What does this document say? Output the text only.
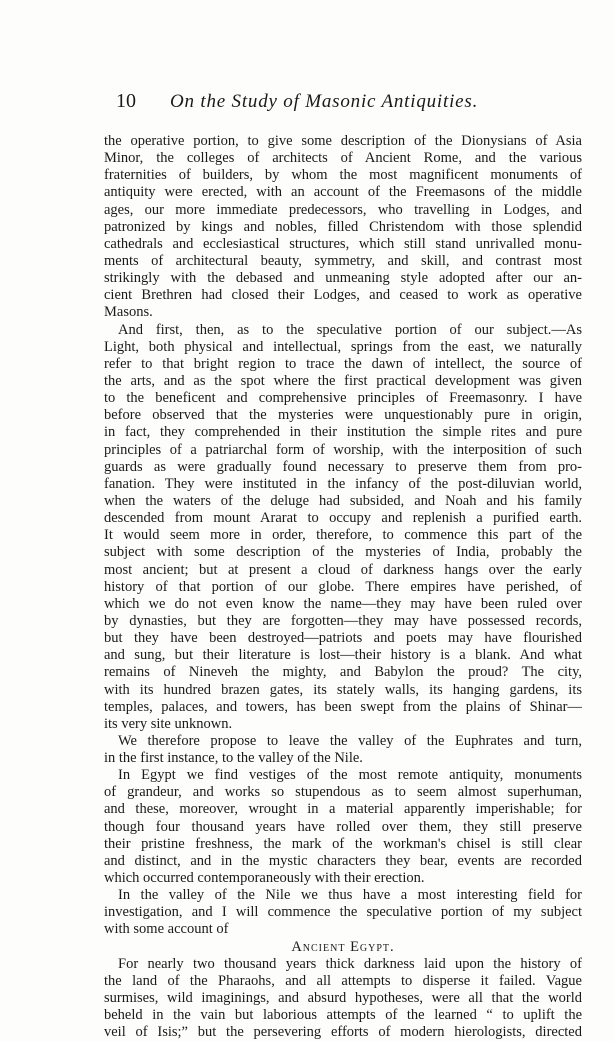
10 On the Study of Masonic Antiquities.
the operative portion, to give some description of the Dionysians of Asia
Minor, the colleges of architects of Ancient Rome, and the various
fraternities of builders, by whom the most magnificent monuments of
antiquity were erected, with an account of the Freemasons of the middle
ages, our more immediate predecessors, who travelling in Lodges, and
patronized by kings and nobles, filled Christendom with those splendid
cathedrals and ecclesiastical structures, which still stand unrivalled monu-
ments of architectural beauty, symmetry, and skill, and contrast most
strikingly with the debased and unmeaning style adopted after our an-
cient Brethren had closed their Lodges, and ceased to work as operative
Masons.
And first, then, as to the speculative portion of our subject.—As
Light, both physical and intellectual, springs from the east, we naturally
refer to that bright region to trace the dawn of intellect, the source of
the arts, and as the spot where the first practical development was given
to the beneficent and comprehensive principles of Freemasonry. I have
before observed that the mysteries were unquestionably pure in origin,
in fact, they comprehended in their institution the simple rites and pure
principles of a patriarchal form of worship, with the interposition of such
guards as were gradually found necessary to preserve them from pro-
fanation. They were instituted in the infancy of the post-diluvian world,
when the waters of the deluge had subsided, and Noah and his family
descended from mount Ararat to occupy and replenish a purified earth.
It would seem more in order, therefore, to commence this part of the
subject with some description of the mysteries of India, probably the
most ancient; but at present a cloud of darkness hangs over the early
history of that portion of our globe. There empires have perished, of
which we do not even know the name—they may have been ruled over
by dynasties, but they are forgotten—they may have possessed records,
but they have been destroyed—patriots and poets may have flourished
and sung, but their literature is lost—their history is a blank. And what
remains of Nineveh the mighty, and Babylon the proud? The city,
with its hundred brazen gates, its stately walls, its hanging gardens, its
temples, palaces, and towers, has been swept from the plains of Shinar—
its very site unknown.
We therefore propose to leave the valley of the Euphrates and turn,
in the first instance, to the valley of the Nile.
In Egypt we find vestiges of the most remote antiquity, monuments
of grandeur, and works so stupendous as to seem almost superhuman,
and these, moreover, wrought in a material apparently imperishable; for
though four thousand years have rolled over them, they still preserve
their pristine freshness, the mark of the workman's chisel is still clear
and distinct, and in the mystic characters they bear, events are recorded
which occurred contemporaneously with their erection.
In the valley of the Nile we thus have a most interesting field for
investigation, and I will commence the speculative portion of my subject
with some account of
Ancient Egypt.
For nearly two thousand years thick darkness laid upon the history of
the land of the Pharaohs, and all attempts to disperse it failed. Vague
surmises, wild imaginings, and absurd hypotheses, were all that the world
beheld in the vain but laborious attempts of the learned “ to uplift the
veil of Isis;” but the persevering efforts of modern hierologists, directed
